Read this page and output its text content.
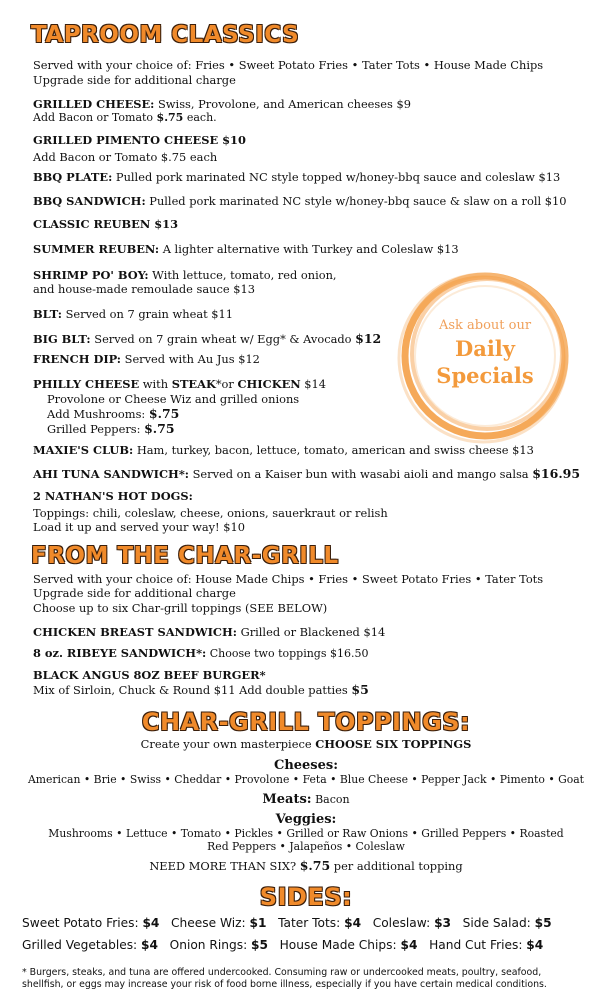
TAPROOM CLASSICS
Served with your choice of: Fries • Sweet Potato Fries • Tater Tots • House Made Chips
Upgrade side for additional charge
GRILLED CHEESE: Swiss, Provolone, and American cheeses $9
Add Bacon or Tomato $.75 each.
GRILLED PIMENTO CHEESE $10
Add Bacon or Tomato $.75 each
BBQ PLATE: Pulled pork marinated NC style topped w/honey-bbq sauce and coleslaw $13
BBQ SANDWICH: Pulled pork marinated NC style w/honey-bbq sauce & slaw on a roll $10
CLASSIC REUBEN $13
SUMMER REUBEN: A lighter alternative with Turkey and Coleslaw $13
SHRIMP PO' BOY: With lettuce, tomato, red onion,
and house-made remoulade sauce $13
BLT: Served on 7 grain wheat $11
BIG BLT: Served on 7 grain wheat w/ Egg* & Avocado $12
FRENCH DIP: Served with Au Jus $12
PHILLY CHEESE with STEAK*or CHICKEN $14
Provolone or Cheese Wiz and grilled onions
Add Mushrooms: $.75
Grilled Peppers: $.75
MAXIE'S CLUB: Ham, turkey, bacon, lettuce, tomato, american and swiss cheese $13
AHI TUNA SANDWICH*: Served on a Kaiser bun with wasabi aioli and mango salsa $16.95
2 NATHAN'S HOT DOGS:
Toppings: chili, coleslaw, cheese, onions, sauerkraut or relish
Load it up and served your way! $10
Ask about our
Daily
Specials
FROM THE CHAR-GRILL
Served with your choice of: House Made Chips • Fries • Sweet Potato Fries • Tater Tots
Upgrade side for additional charge
Choose up to six Char-grill toppings (SEE BELOW)
CHICKEN BREAST SANDWICH: Grilled or Blackened $14
8 oz. RIBEYE SANDWICH*: Choose two toppings $16.50
BLACK ANGUS 8OZ BEEF BURGER*
Mix of Sirloin, Chuck & Round $11 Add double patties $5
CHAR-GRILL TOPPINGS:
Create your own masterpiece CHOOSE SIX TOPPINGS
Cheeses:
American • Brie • Swiss • Cheddar • Provolone • Feta • Blue Cheese • Pepper Jack • Pimento • Goat
Meats: Bacon
Veggies:
Mushrooms • Lettuce • Tomato • Pickles • Grilled or Raw Onions • Grilled Peppers • Roasted
Red Peppers • Jalapeños • Coleslaw
NEED MORE THAN SIX? $.75 per additional topping
SIDES:
Sweet Potato Fries: $4 Cheese Wiz: $1 Tater Tots: $4 Coleslaw: $3 Side Salad: $5
Grilled Vegetables: $4 Onion Rings: $5 House Made Chips: $4 Hand Cut Fries: $4
* Burgers, steaks, and tuna are offered undercooked. Consuming raw or undercooked meats, poultry, seafood,
shellfish, or eggs may increase your risk of food borne illness, especially if you have certain medical conditions.
